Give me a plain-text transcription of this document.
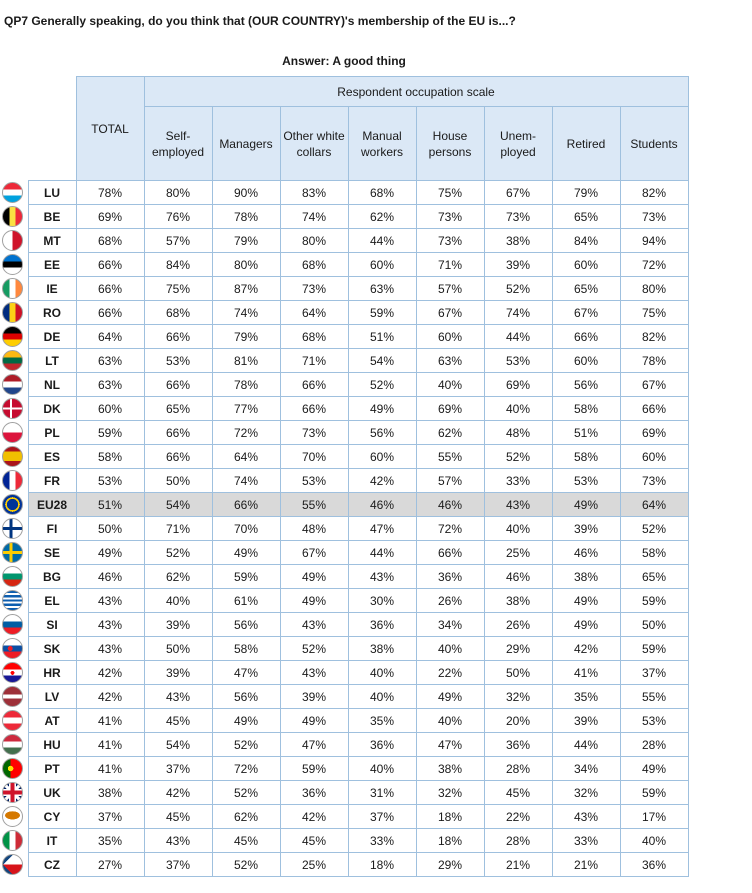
QP7 Generally speaking, do you think that (OUR COUNTRY)'s membership of the EU is...?
Answer: A good thing
		TOTAL	Respondent occupation scale							
			Self-
employed	Managers	Other white
collars	Manual
workers	House
persons	Unem-
ployed	Retired	Students

	LU	78%	80%	90%	83%	68%	75%	67%	79%	82%

	BE	69%	76%	78%	74%	62%	73%	73%	65%	73%

	MT	68%	57%	79%	80%	44%	73%	38%	84%	94%

	EE	66%	84%	80%	68%	60%	71%	39%	60%	72%

	IE	66%	75%	87%	73%	63%	57%	52%	65%	80%

	RO	66%	68%	74%	64%	59%	67%	74%	67%	75%

	DE	64%	66%	79%	68%	51%	60%	44%	66%	82%

	LT	63%	53%	81%	71%	54%	63%	53%	60%	78%

	NL	63%	66%	78%	66%	52%	40%	69%	56%	67%

	DK	60%	65%	77%	66%	49%	69%	40%	58%	66%

	PL	59%	66%	72%	73%	56%	62%	48%	51%	69%

	ES	58%	66%	64%	70%	60%	55%	52%	58%	60%

	FR	53%	50%	74%	53%	42%	57%	33%	53%	73%

	EU28	51%	54%	66%	55%	46%	46%	43%	49%	64%

	FI	50%	71%	70%	48%	47%	72%	40%	39%	52%

	SE	49%	52%	49%	67%	44%	66%	25%	46%	58%

	BG	46%	62%	59%	49%	43%	36%	46%	38%	65%

	EL	43%	40%	61%	49%	30%	26%	38%	49%	59%

	SI	43%	39%	56%	43%	36%	34%	26%	49%	50%

	SK	43%	50%	58%	52%	38%	40%	29%	42%	59%

	HR	42%	39%	47%	43%	40%	22%	50%	41%	37%

	LV	42%	43%	56%	39%	40%	49%	32%	35%	55%

	AT	41%	45%	49%	49%	35%	40%	20%	39%	53%

	HU	41%	54%	52%	47%	36%	47%	36%	44%	28%

	PT	41%	37%	72%	59%	40%	38%	28%	34%	49%

	UK	38%	42%	52%	36%	31%	32%	45%	32%	59%

	CY	37%	45%	62%	42%	37%	18%	22%	43%	17%

	IT	35%	43%	45%	45%	33%	18%	28%	33%	40%

	CZ	27%	37%	52%	25%	18%	29%	21%	21%	36%
